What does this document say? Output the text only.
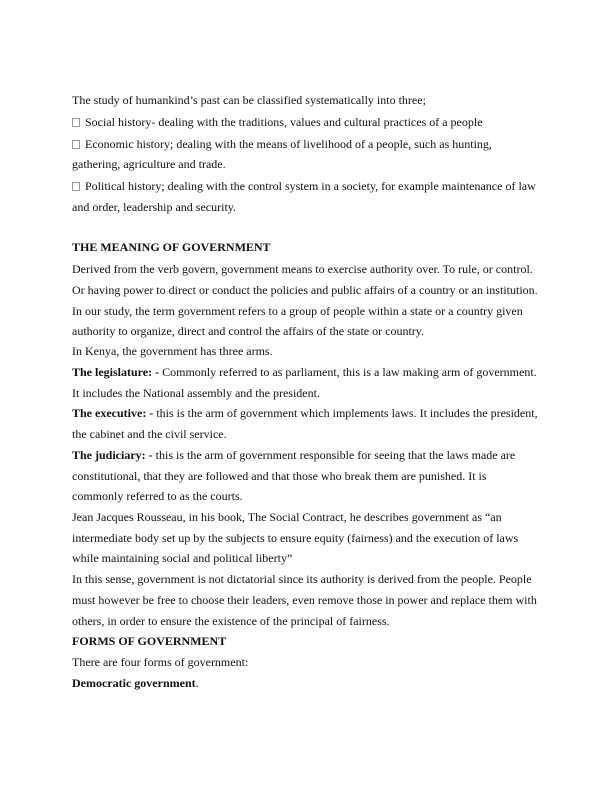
The study of humankind’s past can be classified systematically into three;
Social history- dealing with the traditions, values and cultural practices of a people
Economic history; dealing with the means of livelihood of a people, such as hunting,
gathering, agriculture and trade.
Political history; dealing with the control system in a society, for example maintenance of law
and order, leadership and security.
THE MEANING OF GOVERNMENT
Derived from the verb govern, government means to exercise authority over. To rule, or control.
Or having power to direct or conduct the policies and public affairs of a country or an institution.
In our study, the term government refers to a group of people within a state or a country given
authority to organize, direct and control the affairs of the state or country.
In Kenya, the government has three arms.
The legislature: - Commonly referred to as parliament, this is a law making arm of government.
It includes the National assembly and the president.
The executive: - this is the arm of government which implements laws. It includes the president,
the cabinet and the civil service.
The judiciary: - this is the arm of government responsible for seeing that the laws made are
constitutional, that they are followed and that those who break them are punished. It is
commonly referred to as the courts.
Jean Jacques Rousseau, in his book, The Social Contract, he describes government as “an
intermediate body set up by the subjects to ensure equity (fairness) and the execution of laws
while maintaining social and political liberty”
In this sense, government is not dictatorial since its authority is derived from the people. People
must however be free to choose their leaders, even remove those in power and replace them with
others, in order to ensure the existence of the principal of fairness.
FORMS OF GOVERNMENT
There are four forms of government:
Democratic government.
